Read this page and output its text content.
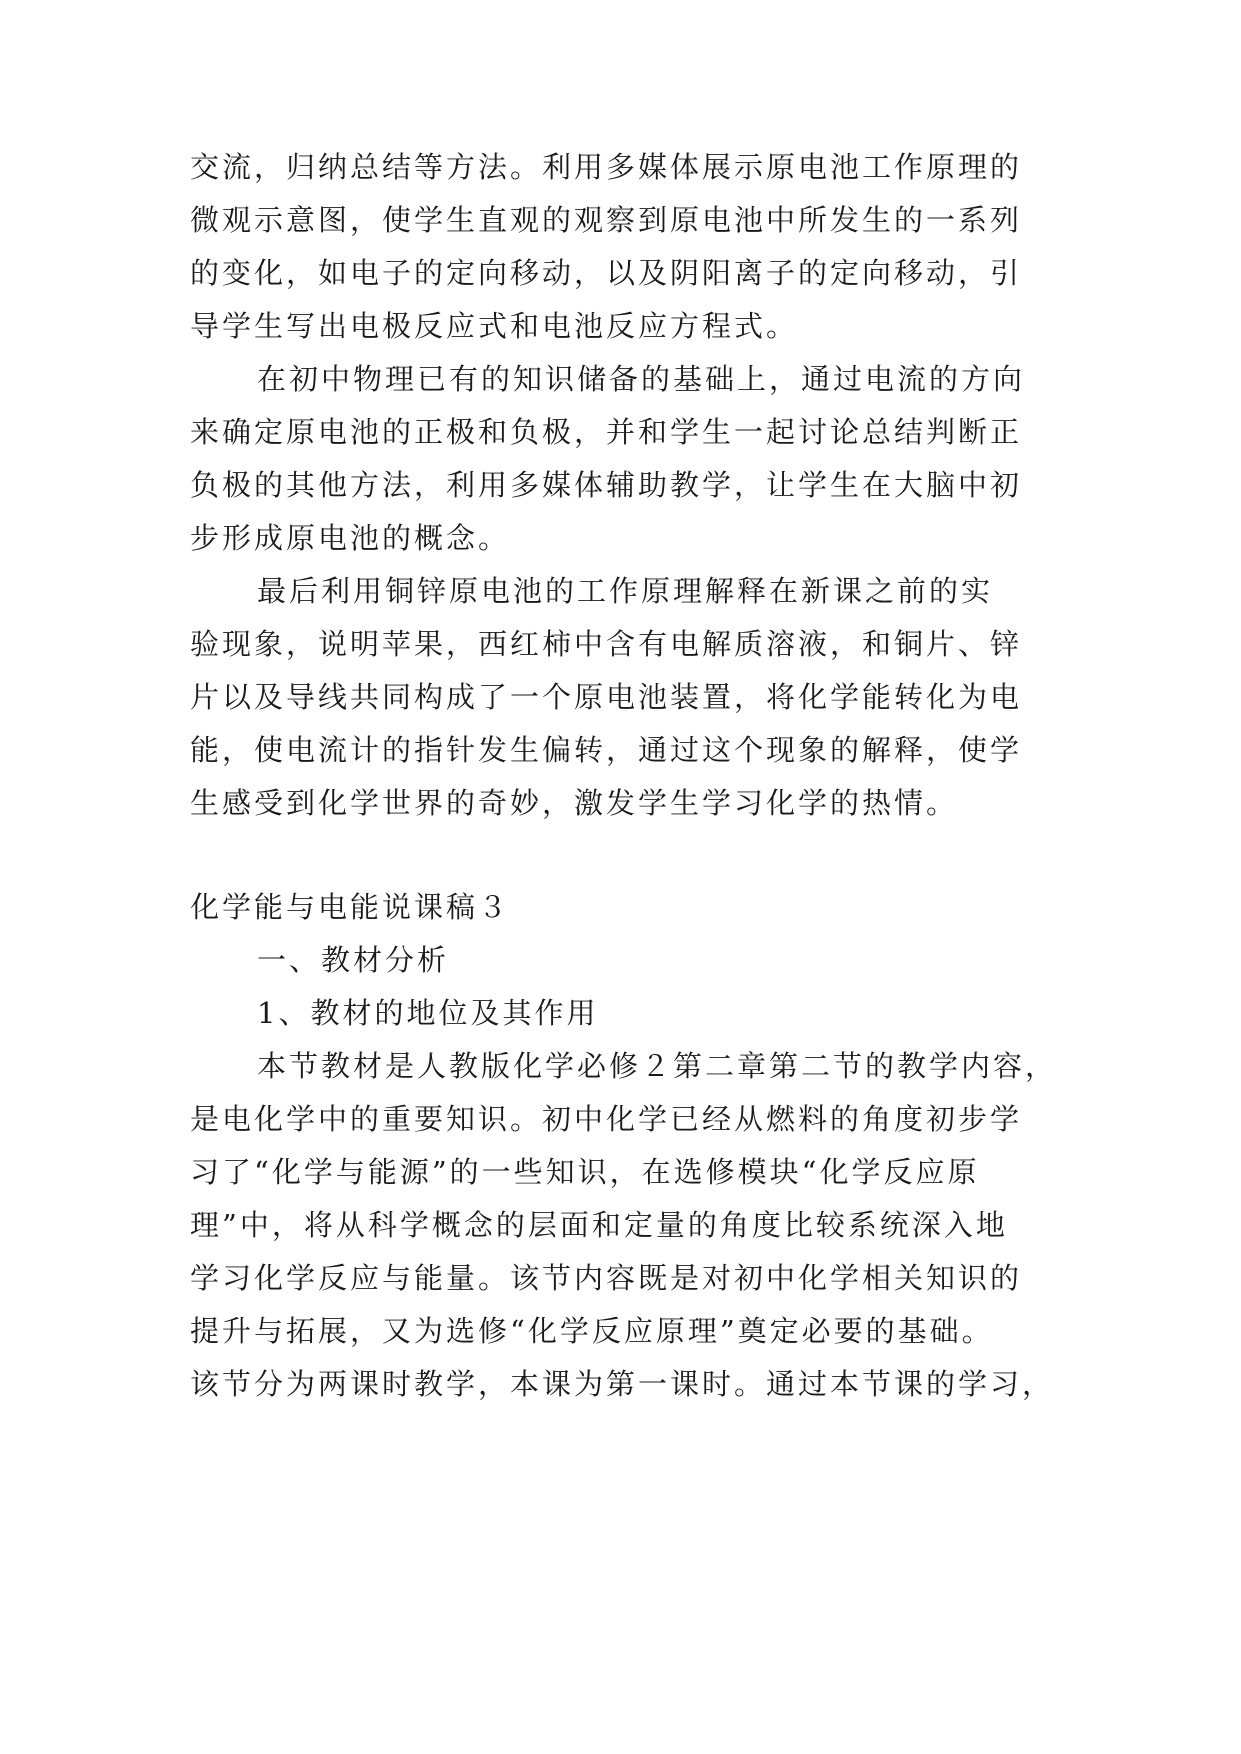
交流，归纳总结等方法。利用多媒体展示原电池工作原理的

微观示意图，使学生直观的观察到原电池中所发生的一系列

的变化，如电子的定向移动，以及阴阳离子的定向移动，引

导学生写出电极反应式和电池反应方程式。

在初中物理已有的知识储备的基础上，通过电流的方向

来确定原电池的正极和负极，并和学生一起讨论总结判断正

负极的其他方法，利用多媒体辅助教学，让学生在大脑中初

步形成原电池的概念。

最后利用铜锌原电池的工作原理解释在新课之前的实

验现象，说明苹果，西红柿中含有电解质溶液，和铜片、锌

片以及导线共同构成了一个原电池装置，将化学能转化为电

能，使电流计的指针发生偏转，通过这个现象的解释，使学

生感受到化学世界的奇妙，激发学生学习化学的热情。

化学能与电能说课稿３

一、教材分析

1、教材的地位及其作用

本节教材是人教版化学必修２第二章第二节的教学内容，

是电化学中的重要知识。初中化学已经从燃料的角度初步学

习了“化学与能源”的一些知识，在选修模块“化学反应原

理”中，将从科学概念的层面和定量的角度比较系统深入地

学习化学反应与能量。该节内容既是对初中化学相关知识的

提升与拓展，又为选修“化学反应原理”奠定必要的基础。

该节分为两课时教学，本课为第一课时。通过本节课的学习，
